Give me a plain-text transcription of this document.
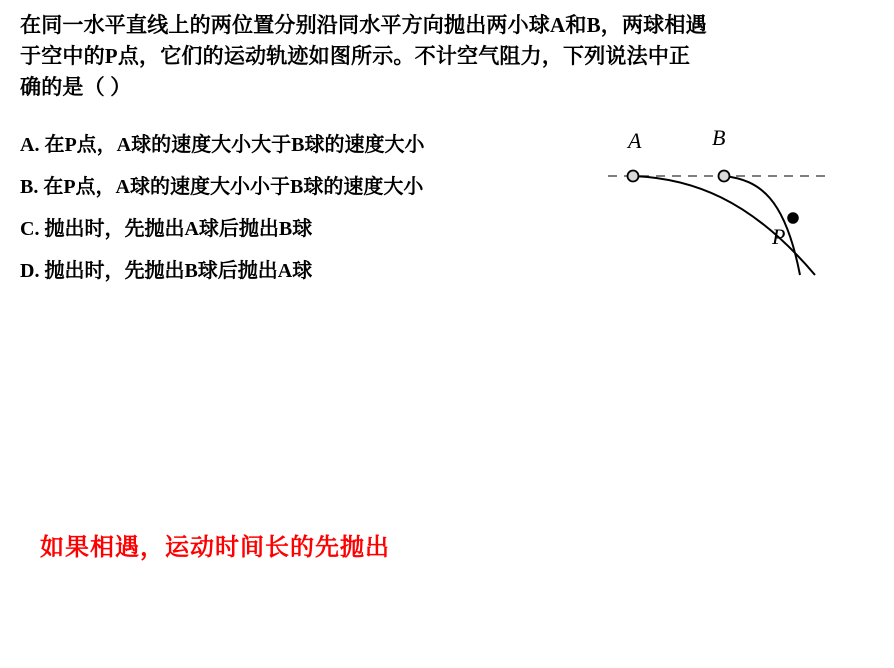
在同一水平直线上的两位置分别沿同水平方向抛出两小球A和B，两球相遇
于空中的P点，它们的运动轨迹如图所示。不计空气阻力，下列说法中正
确的是（ ）
A. 在P点，A球的速度大小大于B球的速度大小
B. 在P点，A球的速度大小小于B球的速度大小
C. 抛出时，先抛出A球后抛出B球
D. 抛出时，先抛出B球后抛出A球
A	B
P
如果相遇，运动时间长的先抛出
